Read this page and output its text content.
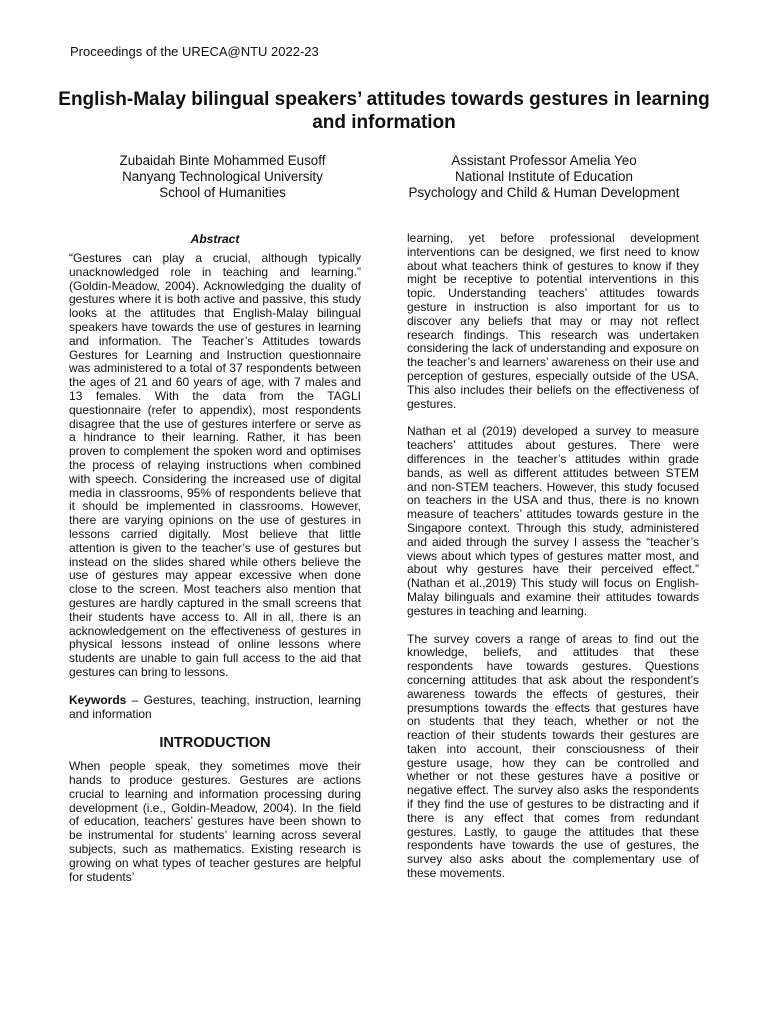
Proceedings of the URECA@NTU 2022-23
English-Malay bilingual speakers’ attitudes towards gestures in learning and information
Zubaidah Binte Mohammed Eusoff
Nanyang Technological University
School of Humanities
Assistant Professor Amelia Yeo
National Institute of Education
Psychology and Child & Human Development
Abstract

“Gestures can play a crucial, although typically unacknowledged role in teaching and learning.” (Goldin-Meadow, 2004). Acknowledging the duality of gestures where it is both active and passive, this study looks at the attitudes that English-Malay bilingual speakers have towards the use of gestures in learning and information. The Teacher’s Attitudes towards Gestures for Learning and Instruction questionnaire was administered to a total of 37 respondents between the ages of 21 and 60 years of age, with 7 males and 13 females. With the data from the TAGLI questionnaire (refer to appendix), most respondents disagree that the use of gestures interfere or serve as a hindrance to their learning. Rather, it has been proven to complement the spoken word and optimises the process of relaying instructions when combined with speech. Considering the increased use of digital media in classrooms, 95% of respondents believe that it should be implemented in classrooms. However, there are varying opinions on the use of gestures in lessons carried digitally. Most believe that little attention is given to the teacher’s use of gestures but instead on the slides shared while others believe the use of gestures may appear excessive when done close to the screen. Most teachers also mention that gestures are hardly captured in the small screens that their students have access to. All in all, there is an acknowledgement on the effectiveness of gestures in physical lessons instead of online lessons where students are unable to gain full access to the aid that gestures can bring to lessons.

Keywords – Gestures, teaching, instruction, learning and information

INTRODUCTION

When people speak, they sometimes move their hands to produce gestures. Gestures are actions crucial to learning and information processing during development (i.e., Goldin-Meadow, 2004). In the field of education, teachers’ gestures have been shown to be instrumental for students’ learning across several subjects, such as mathematics. Existing research is growing on what types of teacher gestures are helpful for students’

learning, yet before professional development interventions can be designed, we first need to know about what teachers think of gestures to know if they might be receptive to potential interventions in this topic. Understanding teachers’ attitudes towards gesture in instruction is also important for us to discover any beliefs that may or may not reflect research findings. This research was undertaken considering the lack of understanding and exposure on the teacher’s and learners’ awareness on their use and perception of gestures, especially outside of the USA. This also includes their beliefs on the effectiveness of gestures.

Nathan et al (2019) developed a survey to measure teachers’ attitudes about gestures. There were differences in the teacher’s attitudes within grade bands, as well as different attitudes between STEM and non-STEM teachers. However, this study focused on teachers in the USA and thus, there is no known measure of teachers’ attitudes towards gesture in the Singapore context. Through this study, administered and aided through the survey I assess the “teacher’s views about which types of gestures matter most, and about why gestures have their perceived effect.” (Nathan et al.,2019) This study will focus on English-Malay bilinguals and examine their attitudes towards gestures in teaching and learning.

The survey covers a range of areas to find out the knowledge, beliefs, and attitudes that these respondents have towards gestures. Questions concerning attitudes that ask about the respondent’s awareness towards the effects of gestures, their presumptions towards the effects that gestures have on students that they teach, whether or not the reaction of their students towards their gestures are taken into account, their consciousness of their gesture usage, how they can be controlled and whether or not these gestures have a positive or negative effect. The survey also asks the respondents if they find the use of gestures to be distracting and if there is any effect that comes from redundant gestures. Lastly, to gauge the attitudes that these respondents have towards the use of gestures, the survey also asks about the complementary use of these movements.
